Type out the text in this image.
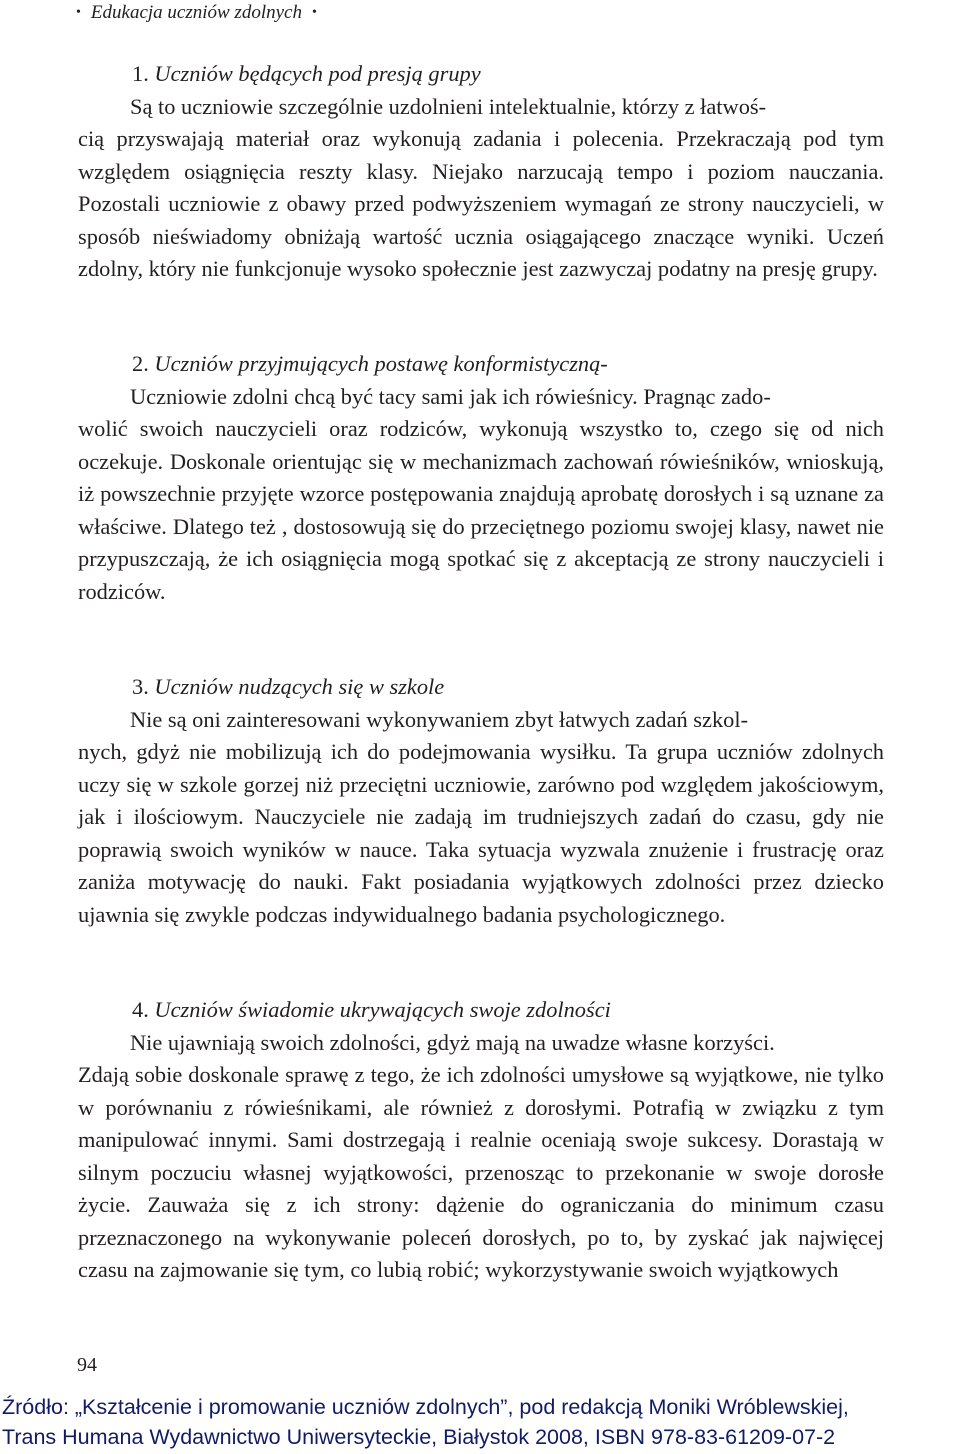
• Edukacja uczniów zdolnych •

1. Uczniów będących pod presją grupy

Są to uczniowie szczególnie uzdolnieni intelektualnie, którzy z łatwoś-

cią przyswajają materiał oraz wykonują zadania i polecenia. Przekraczają pod tym względem osiągnięcia reszty klasy. Niejako narzucają tempo i poziom nauczania. Pozostali uczniowie z obawy przed podwyższeniem wymagań ze strony nauczycieli, w sposób nieświadomy obniżają wartość ucznia osiągającego znaczące wyniki. Uczeń zdolny, który nie funkcjonuje wysoko społecznie jest zazwyczaj podatny na presję grupy.

2. Uczniów przyjmujących postawę konformistyczną-

Uczniowie zdolni chcą być tacy sami jak ich rówieśnicy. Pragnąc zado-

wolić swoich nauczycieli oraz rodziców, wykonują wszystko to, czego się od nich oczekuje. Doskonale orientując się w mechanizmach zachowań rówieśników, wnioskują, iż powszechnie przyjęte wzorce postępowania znajdują aprobatę dorosłych i są uznane za właściwe. Dlatego też , dostosowują się do przeciętnego poziomu swojej klasy, nawet nie przypuszczają, że ich osiągnięcia mogą spotkać się z akceptacją ze strony nauczycieli i rodziców.

3. Uczniów nudzących się w szkole

Nie są oni zainteresowani wykonywaniem zbyt łatwych zadań szkol-

nych, gdyż nie mobilizują ich do podejmowania wysiłku. Ta grupa uczniów zdolnych uczy się w szkole gorzej niż przeciętni uczniowie, zarówno pod względem jakościowym, jak i ilościowym. Nauczyciele nie zadają im trudniejszych zadań do czasu, gdy nie poprawią swoich wyników w nauce. Taka sytuacja wyzwala znużenie i frustrację oraz zaniża motywację do nauki. Fakt posiadania wyjątkowych zdolności przez dziecko ujawnia się zwykle podczas indywidualnego badania psychologicznego.

4. Uczniów świadomie ukrywających swoje zdolności

Nie ujawniają swoich zdolności, gdyż mają na uwadze własne korzyści.

Zdają sobie doskonale sprawę z tego, że ich zdolności umysłowe są wyjątkowe, nie tylko w porównaniu z rówieśnikami, ale również z dorosłymi. Potrafią w związku z tym manipulować innymi. Sami dostrzegają i realnie oceniają swoje sukcesy. Dorastają w silnym poczuciu własnej wyjątkowości, przenosząc to przekonanie w swoje dorosłe życie. Zauważa się z ich strony: dążenie do ograniczania do minimum czasu przeznaczonego na wykonywanie poleceń dorosłych, po to, by zyskać jak najwięcej czasu na zajmowanie się tym, co lubią robić; wykorzystywanie swoich wyjątkowych

94
Źródło: „Kształcenie i promowanie uczniów zdolnych”, pod redakcją Moniki Wróblewskiej,
Trans Humana Wydawnictwo Uniwersyteckie, Białystok 2008, ISBN 978-83-61209-07-2
